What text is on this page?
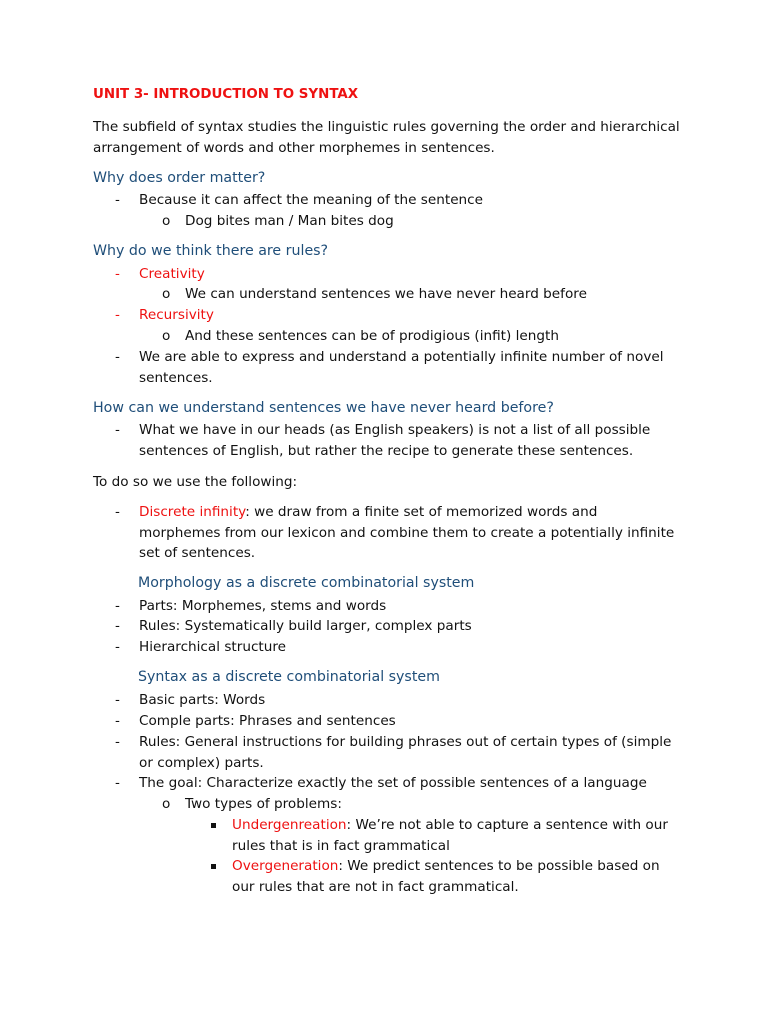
UNIT 3- INTRODUCTION TO SYNTAX
The subfield of syntax studies the linguistic rules governing the order and hierarchical arrangement of words and other morphemes in sentences.
Why does order matter?
- Because it can affect the meaning of the sentence
o Dog bites man / Man bites dog
Why do we think there are rules?
- Creativity
o We can understand sentences we have never heard before
- Recursivity
o And these sentences can be of prodigious (infit) length
- We are able to express and understand a potentially infinite number of novel sentences.
How can we understand sentences we have never heard before?
- What we have in our heads (as English speakers) is not a list of all possible sentences of English, but rather the recipe to generate these sentences.
To do so we use the following:
- Discrete infinity: we draw from a finite set of memorized words and morphemes from our lexicon and combine them to create a potentially infinite set of sentences.
Morphology as a discrete combinatorial system
- Parts: Morphemes, stems and words
- Rules: Systematically build larger, complex parts
- Hierarchical structure
Syntax as a discrete combinatorial system
- Basic parts: Words
- Comple parts: Phrases and sentences
- Rules: General instructions for building phrases out of certain types of (simple or complex) parts.
- The goal: Characterize exactly the set of possible sentences of a language
o Two types of problems:
Undergenreation: We’re not able to capture a sentence with our rules that is in fact grammatical
Overgeneration: We predict sentences to be possible based on our rules that are not in fact grammatical.
